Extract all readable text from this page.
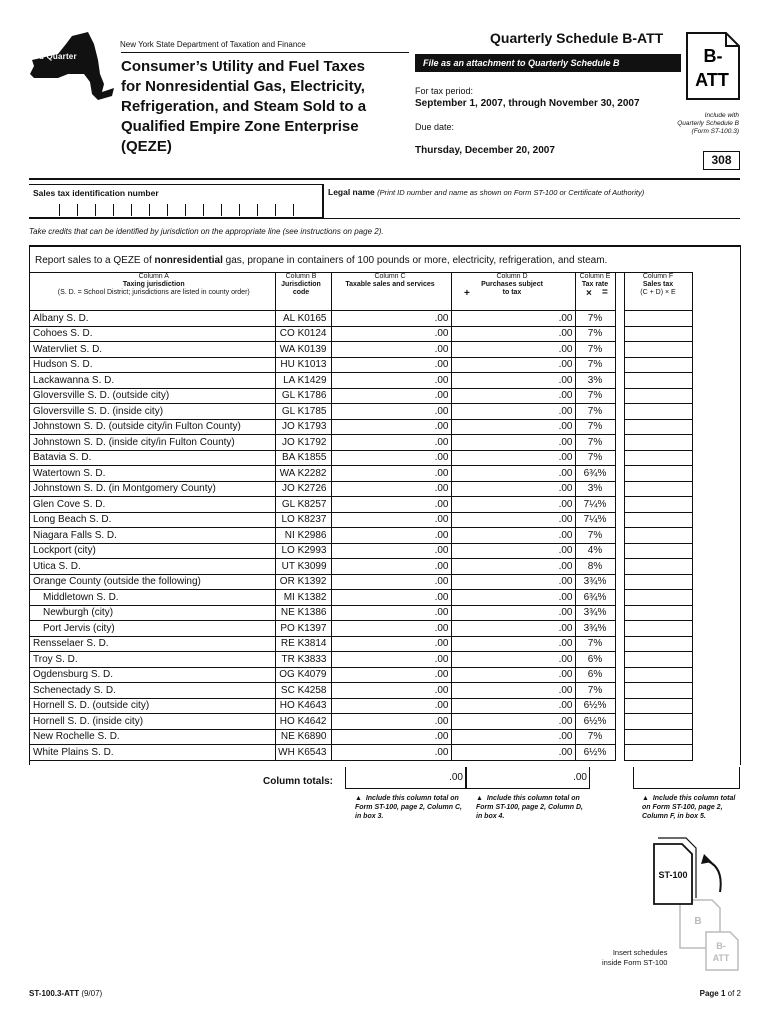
3rd Quarter
New York State Department of Taxation and Finance
Consumer’s Utility and Fuel Taxes
for Nonresidential Gas, Electricity,
Refrigeration, and Steam Sold to a
Qualified Empire Zone Enterprise
(QEZE)
Quarterly Schedule B-ATT
File as an attachment to Quarterly Schedule B
For tax period:
September 1, 2007, through November 30, 2007
Due date:
Thursday, December 20, 2007
B-
ATT
Include with
Quarterly Schedule B
(Form ST-100.3)
308
Sales tax identification number	Legal name (Print ID number and name as shown on Form ST-100 or Certificate of Authority)
Take credits that can be identified by jurisdiction on the appropriate line (see instructions on page 2).
Report sales to a QEZE of nonresidential gas, propane in containers of 100 pounds or more, electricity, refrigeration, and steam.
Column A
Taxing jurisdiction
(S. D. = School District; jurisdictions are listed in county order)	Column B
Jurisdiction
code	Column C
Taxable sales and services	Column D
Purchases subject
to tax	Column E
Tax rate		Column F
Sales tax
(C + D) × E
Albany S. D.	AL K0165	.00	.00	7%		
Cohoes S. D.	CO K0124	.00	.00	7%		
Watervliet S. D.	WA K0139	.00	.00	7%		
Hudson S. D.	HU K1013	.00	.00	7%		
Lackawanna S. D.	LA K1429	.00	.00	3%		
Gloversville S. D. (outside city)	GL K1786	.00	.00	7%		
Gloversville S. D. (inside city)	GL K1785	.00	.00	7%		
Johnstown S. D. (outside city/in Fulton County)	JO K1793	.00	.00	7%		
Johnstown S. D. (inside city/in Fulton County)	JO K1792	.00	.00	7%		
Batavia S. D.	BA K1855	.00	.00	7%		
Watertown S. D.	WA K2282	.00	.00	6¾%		
Johnstown S. D. (in Montgomery County)	JO K2726	.00	.00	3%		
Glen Cove S. D.	GL K8257	.00	.00	7¼%		
Long Beach S. D.	LO K8237	.00	.00	7¼%		
Niagara Falls S. D.	NI K2986	.00	.00	7%		
Lockport (city)	LO K2993	.00	.00	4%		
Utica S. D.	UT K3099	.00	.00	8%		
Orange County (outside the following)	OR K1392	.00	.00	3¾%		
Middletown S. D.	MI K1382	.00	.00	6¾%		
Newburgh (city)	NE K1386	.00	.00	3¾%		
Port Jervis (city)	PO K1397	.00	.00	3¾%		
Rensselaer S. D.	RE K3814	.00	.00	7%		
Troy S. D.	TR K3833	.00	.00	6%		
Ogdensburg S. D.	OG K4079	.00	.00	6%		
Schenectady S. D.	SC K4258	.00	.00	7%		
Hornell S. D. (outside city)	HO K4643	.00	.00	6½%		
Hornell S. D. (inside city)	HO K4642	.00	.00	6½%		
New Rochelle S. D.	NE K6890	.00	.00	7%		
White Plains S. D.	WH K6543	.00	.00	6½%		
+	× =
Column totals:	.00	.00
▲  Include this column total on Form ST-100, page 2, Column C, in box 3.
▲  Include this column total on Form ST-100, page 2, Column D, in box 4.
▲  Include this column total on Form ST-100, page 2, Column F, in box 5.
B
B-
ATT
ST-100
Insert schedules
inside Form ST-100
ST-100.3-ATT (9/07)	Page 1 of 2
